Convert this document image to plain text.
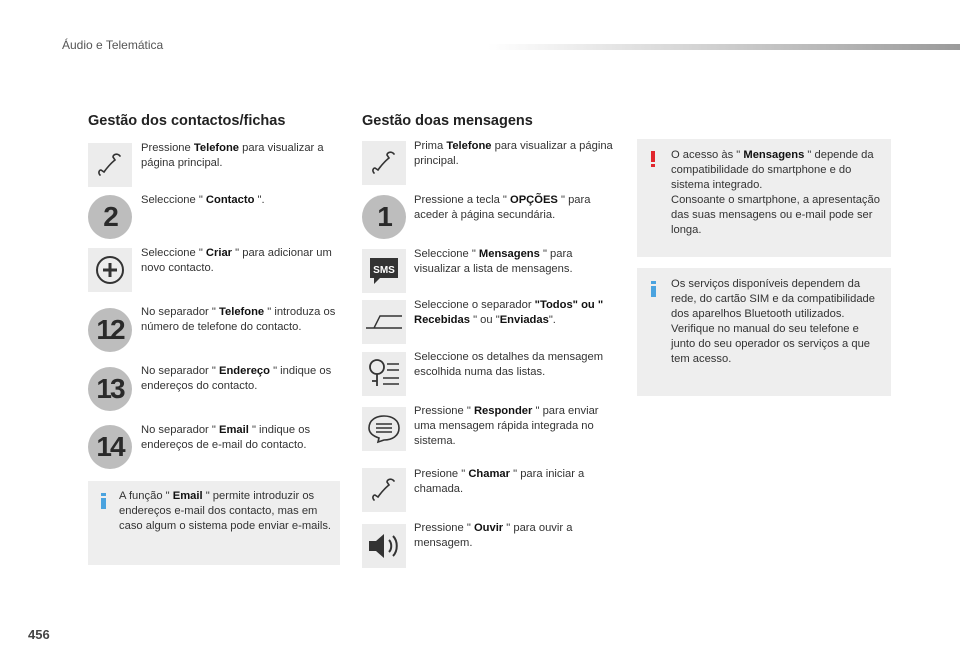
Áudio e Telemática
Gestão dos contactos/fichas
Pressione Telefone para visualizar a página principal.
2
Seleccione " Contacto ".
Seleccione " Criar " para adicionar um novo contacto.
12
No separador " Telefone " introduza os número de telefone do contacto.
13
No separador " Endereço " indique os endereços do contacto.
14
No separador " Email " indique os endereços de e-mail do contacto.
A função " Email " permite introduzir os endereços e-mail dos contacto, mas em caso algum o sistema pode enviar e-mails.
Gestão doas mensagens
Prima Telefone para visualizar a página principal.
1
Pressione a tecla " OPÇÕES " para aceder à página secundária.
SMS
Seleccione " Mensagens " para visualizar a lista de mensagens.
Seleccione o separador "Todos" ou " Recebidas " ou "Enviadas".
Seleccione os detalhes da mensagem escolhida numa das listas.
Pressione " Responder " para enviar uma mensagem rápida integrada no sistema.
Presione " Chamar " para iniciar a chamada.
Pressione " Ouvir " para ouvir a mensagem.
O acesso às " Mensagens " depende da compatibilidade do smartphone e do sistema integrado.
Consoante o smartphone, a apresentação das suas mensagens ou e-mail pode ser longa.
Os serviços disponíveis dependem da rede, do cartão SIM e da compatibilidade dos aparelhos Bluetooth utilizados.
Verifique no manual do seu telefone e junto do seu operador os serviços a que tem acesso.
456
